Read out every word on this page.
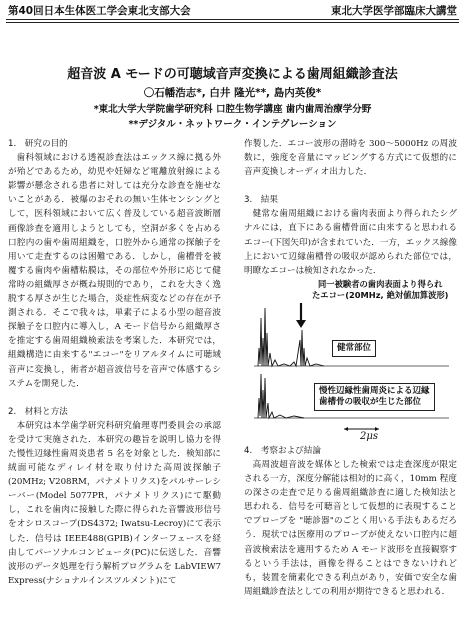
第40回日本生体医工学会東北支部大会	東北大学医学部臨床大講堂
超音波 A モードの可聴域音声変換による歯周組織診査法
〇石幡浩志*, 白井 隆光**, 島内英俊*
*東北大学大学院歯学研究科 口腔生物学講座 歯内歯周治療学分野
**デジタル・ネットワーク・インテグレーション
1.　研究の目的

歯科領域における透視診査法はエックス線に拠る外が殆どであるため，幼児や妊婦など電離放射線による影響が懸念される患者に対しては充分な診査を施せないことがある．被爆のおそれの無い生体センシングとして，医科領域において広く普及している超音波断層画像診査を適用しようとしても，空洞が多くを占める口腔内の歯や歯周組織を，口腔外から通常の探触子を用いて走査するのは困難である．しかし，歯槽骨を被覆する歯肉や歯槽粘膜は，その部位や外形に応じて健常時の組織厚さが概ね規則的であり，これを大きく逸脱する厚さが生じた場合，炎症性病変などの存在が予測される．そこで我々は，単素子による小型の超音波探触子を口腔内に導入し，A モード信号から組織厚さを推定する歯周組織検索法を考案した．本研究では，組織構造に由来する"エコー"をリアルタイムに可聴域音声に変換し，術者が超音波信号を音声で体感するシステムを開発した．

2.　材料と方法

本研究は本学歯学研究科研究倫理専門委員会の承認を受けて実施された．本研究の趣旨を説明し協力を得た慢性辺縁性歯周炎患者 5 名を対象とした．検知部に絨面可能なディレイ材を取り付けた高周波探触子(20MHz; V208RM，パナメトリクス)をパルサーレシーバー(Model 5077PR，パナメトリクス)にて駆動し，これを歯肉に接触した際に得られた音響波形信号をオシロスコープ(DS4372; Iwatsu-Lecroy)にて表示した．信号は IEEE488(GPIB)インターフェースを経由してパーソナルコンピュータ(PC)に伝送した．音響波形のデータ処理を行う解析プログラムを LabVIEW7 Express(ナショナルインスツルメント)にて

作製した．エコー波形の潜時を 300〜5000Hz の周波数に，強度を音量にマッピングする方式にて仮想的に音声変換しオーディオ出力した．

3.　結果

健常な歯周組織における歯肉表面より得られたシグナルには，直下にある歯槽骨面に由来すると思われるエコー(下図矢印)が含まれていた．一方，エックス線像上において辺縁歯槽骨の吸収が認められた部位では，明瞭なエコーは検知されなかった．

同一被験者の歯肉表面より得られ
たエコー(20MHz, 絶対値加算波形)
健常部位
慢性辺縁性歯周炎による辺縁
歯槽骨の吸収が生じた部位
2μs
4.　考察および結論

高周波超音波を媒体とした検索では走査深度が限定される一方，深度分解能は相対的に高く，10mm 程度の深さの走査で足りる歯周組織診査に適した検知法と思われる．信号を可聴音として仮想的に表現することでプローブを "聴診器"のごとく用いる手法もあるだろう．現状では医療用のプローブが使えない口腔内に超音波検索法を適用するため A モード波形を直接観察するという手法は，画像を得ることはできないけれども，装置を簡素化できる利点があり，安価で安全な歯周組織診査法としての利用が期待できると思われる．
